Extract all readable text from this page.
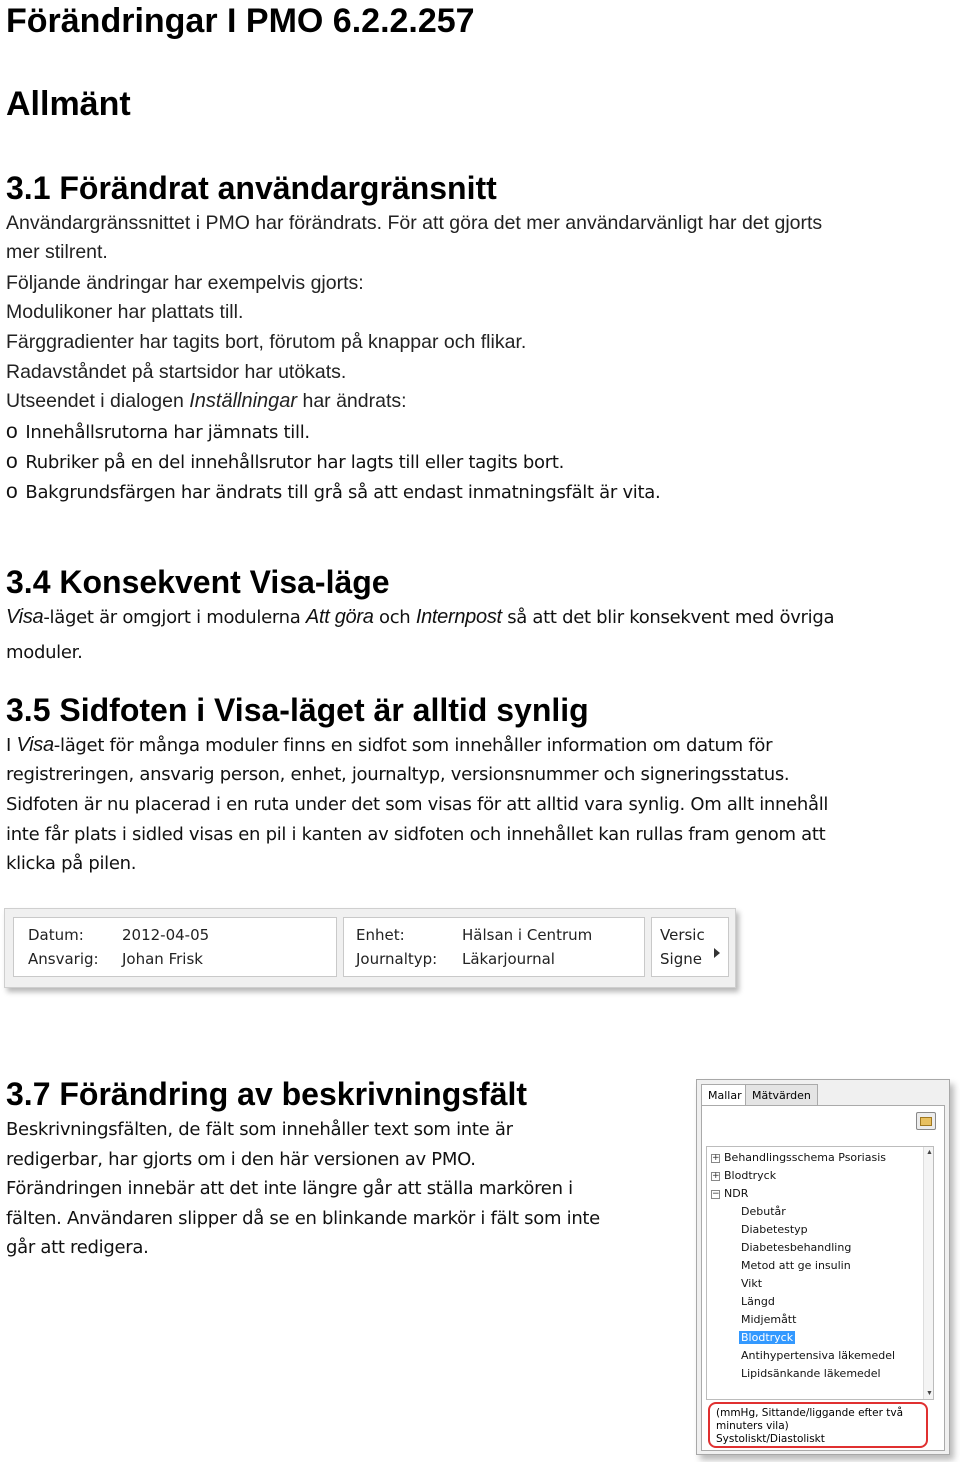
Förändringar I PMO 6.2.2.257
Allmänt
3.1 Förändrat användargränsnitt
Användargränssnittet i PMO har förändrats. För att göra det mer användarvänligt har det gjorts
mer stilrent.
Följande ändringar har exempelvis gjorts:
Modulikoner har plattats till.
Färggradienter har tagits bort, förutom på knappar och flikar.
Radavståndet på startsidor har utökats.
Utseendet i dialogen Inställningar har ändrats:
o Innehållsrutorna har jämnats till.
o Rubriker på en del innehållsrutor har lagts till eller tagits bort.
o Bakgrundsfärgen har ändrats till grå så att endast inmatningsfält är vita.
3.4 Konsekvent Visa-läge
Visa-läget är omgjort i modulerna Att göra och Internpost så att det blir konsekvent med övriga
moduler.
3.5 Sidfoten i Visa-läget är alltid synlig
I Visa-läget för många moduler finns en sidfot som innehåller information om datum för
registreringen, ansvarig person, enhet, journaltyp, versionsnummer och signeringsstatus.
Sidfoten är nu placerad i en ruta under det som visas för att alltid vara synlig. Om allt innehåll
inte får plats i sidled visas en pil i kanten av sidfoten och innehållet kan rullas fram genom att
klicka på pilen.
Datum:	2012-04-05
Ansvarig: Johan Frisk
Enhet:	Hälsan i Centrum
Journaltyp: Läkarjournal
Versic
Signe
3.7 Förändring av beskrivningsfält
Beskrivningsfälten, de fält som innehåller text som inte är
redigerbar, har gjorts om i den här versionen av PMO.
Förändringen innebär att det inte längre går att ställa markören i
fälten. Användaren slipper då se en blinkande markör i fält som inte
går att redigera.
Mallar Mätvärden
+ Behandlingsschema Psoriasis
+ Blodtryck
− NDR
Debutår
Diabetestyp
Diabetesbehandling
Metod att ge insulin
Vikt
Längd
Midjemått
Blodtryck
Antihypertensiva läkemedel
Lipidsänkande läkemedel
▲
▼
(mmHg, Sittande/liggande efter två
minuters vila)
Systoliskt/Diastoliskt
